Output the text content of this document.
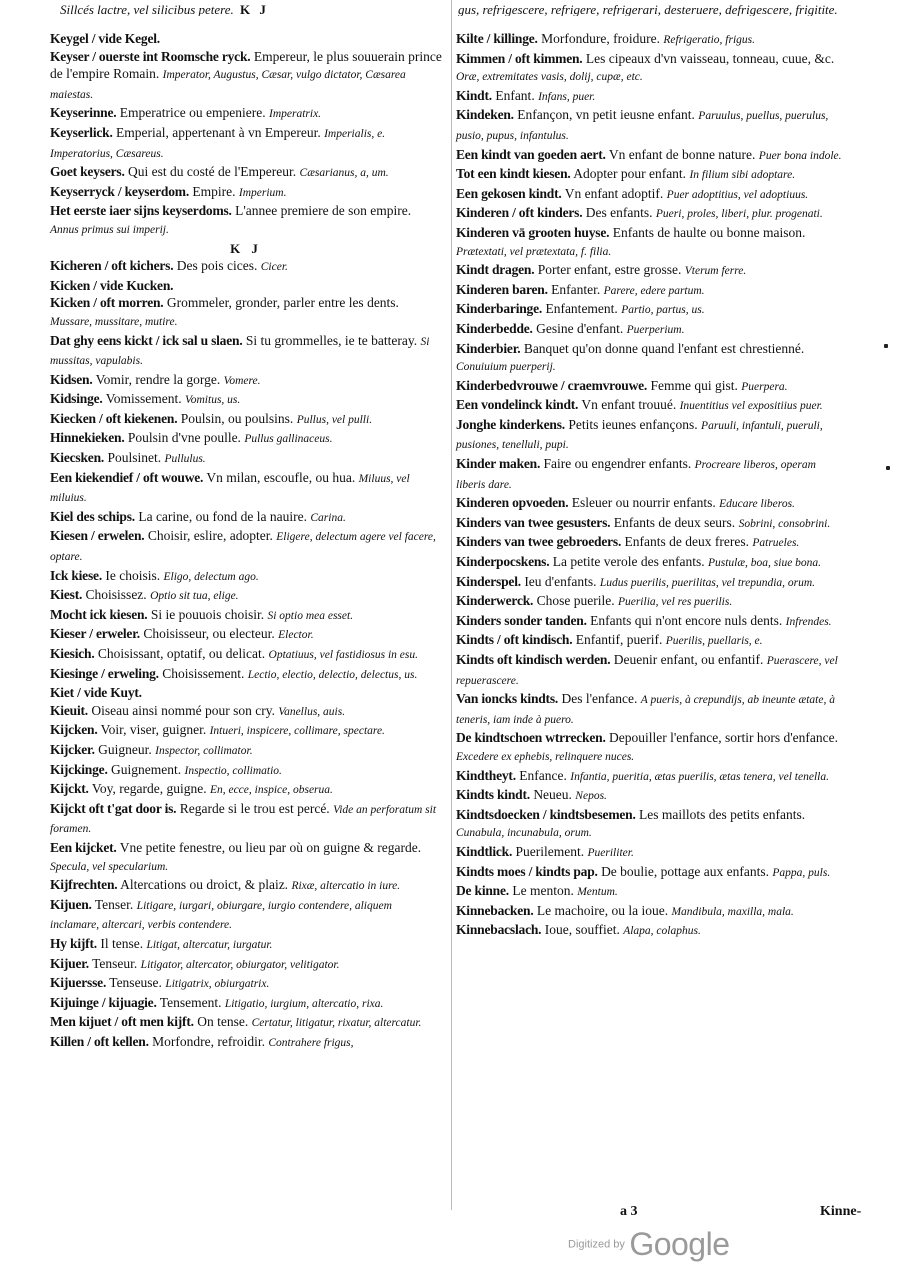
Sillcés lactre, vel silicibus petere. K J	gus, refrigescere, refrigere, refrigerari, desteruere, defrigescere, frigitite.
Keygel / vide Kegel.
Keyser / ouerste int Roomsche ryck. Empereur, le plus souuerain prince de l'empire Romain. Imperator, Augustus, Cæsar, vulgo dictator, Cæsarea maiestas.
Keyserinne. Emperatrice ou empeniere. Imperatrix.
Keyserlick. Emperial, appertenant à vn Empereur. Imperialis, e. Imperatorius, Cæsareus.
Goet keysers. Qui est du costé de l'Empereur. Cæsarianus, a, um.
Keyserryck / keyserdom. Empire. Imperium.
Het eerste iaer sijns keyserdoms. L'annee premiere de son empire. Annus primus sui imperij.
K J
Kicheren / oft kichers. Des pois cices. Cicer.
Kicken / vide Kucken.
Kicken / oft morren. Grommeler, gronder, parler entre les dents. Mussare, mussitare, mutire.
Dat ghy eens kickt / ick sal u slaen. Si tu grommelles, ie te batteray. Si mussitas, vapulabis.
Kidsen. Vomir, rendre la gorge. Vomere.
Kidsinge. Vomissement. Vomitus, us.
Kiecken / oft kiekenen. Poulsin, ou poulsins. Pullus, vel pulli.
Hinnekieken. Poulsin d'vne poulle. Pullus gallinaceus.
Kiecsken. Poulsinet. Pullulus.
Een kiekendief / oft wouwe. Vn milan, escoufle, ou hua. Miluus, vel miluius.
Kiel des schips. La carine, ou fond de la nauire. Carina.
Kiesen / erwelen. Choisir, eslire, adopter. Eligere, delectum agere vel facere, optare.
Ick kiese. Ie choisis. Eligo, delectum ago.
Kiest. Choisissez. Optio sit tua, elige.
Mocht ick kiesen. Si ie pouuois choisir. Si optio mea esset.
Kieser / erweler. Choisisseur, ou electeur. Elector.
Kiesich. Choisissant, optatif, ou delicat. Optatiuus, vel fastidiosus in esu.
Kiesinge / erweling. Choisissement. Lectio, electio, delectio, delectus, us.
Kiet / vide Kuyt.
Kieuit. Oiseau ainsi nommé pour son cry. Vanellus, auis.
Kijcken. Voir, viser, guigner. Intueri, inspicere, collimare, spectare.
Kijcker. Guigneur. Inspector, collimator.
Kijckinge. Guignement. Inspectio, collimatio.
Kijckt. Voy, regarde, guigne. En, ecce, inspice, obserua.
Kijckt oft t'gat door is. Regarde si le trou est percé. Vide an perforatum sit foramen.
Een kijcket. Vne petite fenestre, ou lieu par où on guigne & regarde. Specula, vel specularium.
Kijfrechten. Altercations ou droict, & plaiz. Rixæ, altercatio in iure.
Kijuen. Tenser. Litigare, iurgari, obiurgare, iurgio contendere, aliquem inclamare, altercari, verbis contendere.
Hy kijft. Il tense. Litigat, altercatur, iurgatur.
Kijuer. Tenseur. Litigator, altercator, obiurgator, velitigator.
Kijuersse. Tenseuse. Litigatrix, obiurgatrix.
Kijuinge / kijuagie. Tensement. Litigatio, iurgium, altercatio, rixa.
Men kijuet / oft men kijft. On tense. Certatur, litigatur, rixatur, altercatur.
Killen / oft kellen. Morfondre, refroidir. Contrahere frigus,
Kilte / killinge. Morfondure, froidure. Refrigeratio, frigus.
Kimmen / oft kimmen. Les cipeaux d'vn vaisseau, tonneau, cuue, &c. Oræ, extremitates vasis, dolij, cupæ, etc.
Kindt. Enfant. Infans, puer.
Kindeken. Enfançon, vn petit ieusne enfant. Paruulus, puellus, puerulus, pusio, pupus, infantulus.
Een kindt van goeden aert. Vn enfant de bonne nature. Puer bona indole.
Tot een kindt kiesen. Adopter pour enfant. In filium sibi adoptare.
Een gekosen kindt. Vn enfant adoptif. Puer adoptitius, vel adoptiuus.
Kinderen / oft kinders. Des enfants. Pueri, proles, liberi, plur. progenati.
Kinderen vā grooten huyse. Enfants de haulte ou bonne maison. Prætextati, vel prætextata, f. filia.
Kindt dragen. Porter enfant, estre grosse. Vterum ferre.
Kinderen baren. Enfanter. Parere, edere partum.
Kinderbaringe. Enfantement. Partio, partus, us.
Kinderbedde. Gesine d'enfant. Puerperium.
Kinderbier. Banquet qu'on donne quand l'enfant est chrestienné. Conuiuium puerperij.
Kinderbedvrouwe / craemvrouwe. Femme qui gist. Puerpera.
Een vondelinck kindt. Vn enfant trouué. Inuentitius vel expositiius puer.
Jonghe kinderkens. Petits ieunes enfançons. Paruuli, infantuli, pueruli, pusiones, tenelluli, pupi.
Kinder maken. Faire ou engendrer enfants. Procreare liberos, operam liberis dare.
Kinderen opvoeden. Esleuer ou nourrir enfants. Educare liberos.
Kinders van twee gesusters. Enfants de deux seurs. Sobrini, consobrini.
Kinders van twee gebroeders. Enfants de deux freres. Patrueles.
Kinderpocskens. La petite verole des enfants. Pustulæ, boa, siue bona.
Kinderspel. Ieu d'enfants. Ludus puerilis, puerilitas, vel trepundia, orum.
Kinderwerck. Chose puerile. Puerilia, vel res puerilis.
Kinders sonder tanden. Enfants qui n'ont encore nuls dents. Infrendes.
Kindts / oft kindisch. Enfantif, puerif. Puerilis, puellaris, e.
Kindts oft kindisch werden. Deuenir enfant, ou enfantif. Puerascere, vel repuerascere.
Van ioncks kindts. Des l'enfance. A pueris, à crepundijs, ab ineunte ætate, à teneris, iam inde à puero.
De kindtschoen wtrrecken. Depouiller l'enfance, sortir hors d'enfance. Excedere ex ephebis, relinquere nuces.
Kindtheyt. Enfance. Infantia, pueritia, ætas puerilis, ætas tenera, vel tenella.
Kindts kindt. Neueu. Nepos.
Kindtsdoecken / kindtsbesemen. Les maillots des petits enfants. Cunabula, incunabula, orum.
Kindtlick. Puerilement. Pueriliter.
Kindts moes / kindts pap. De boulie, pottage aux enfants. Pappa, puls.
De kinne. Le menton. Mentum.
Kinnebacken. Le machoire, ou la ioue. Mandibula, maxilla, mala.
Kinnebacslach. Ioue, souffiet. Alapa, colaphus.
a 3	Kinne-
Digitized by Google
